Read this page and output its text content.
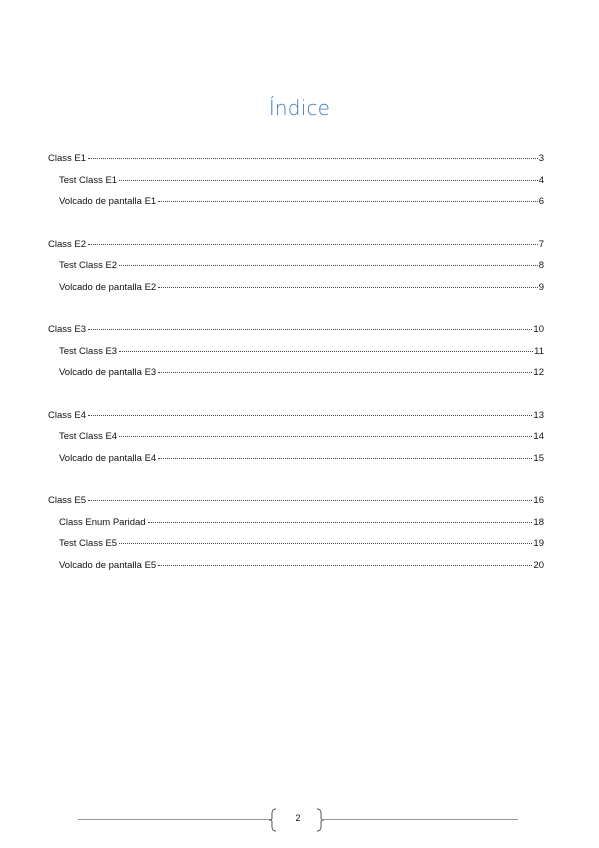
Índice
Class E1	3
Test Class E1	4
Volcado de pantalla E1	6
Class E2	7
Test Class E2	8
Volcado de pantalla E2	9
Class E3	10
Test Class E3	11
Volcado de pantalla E3	12
Class E4	13
Test Class E4	14
Volcado de pantalla E4	15
Class E5	16
Class Enum Paridad	18
Test Class E5	19
Volcado de pantalla E5	20
2
